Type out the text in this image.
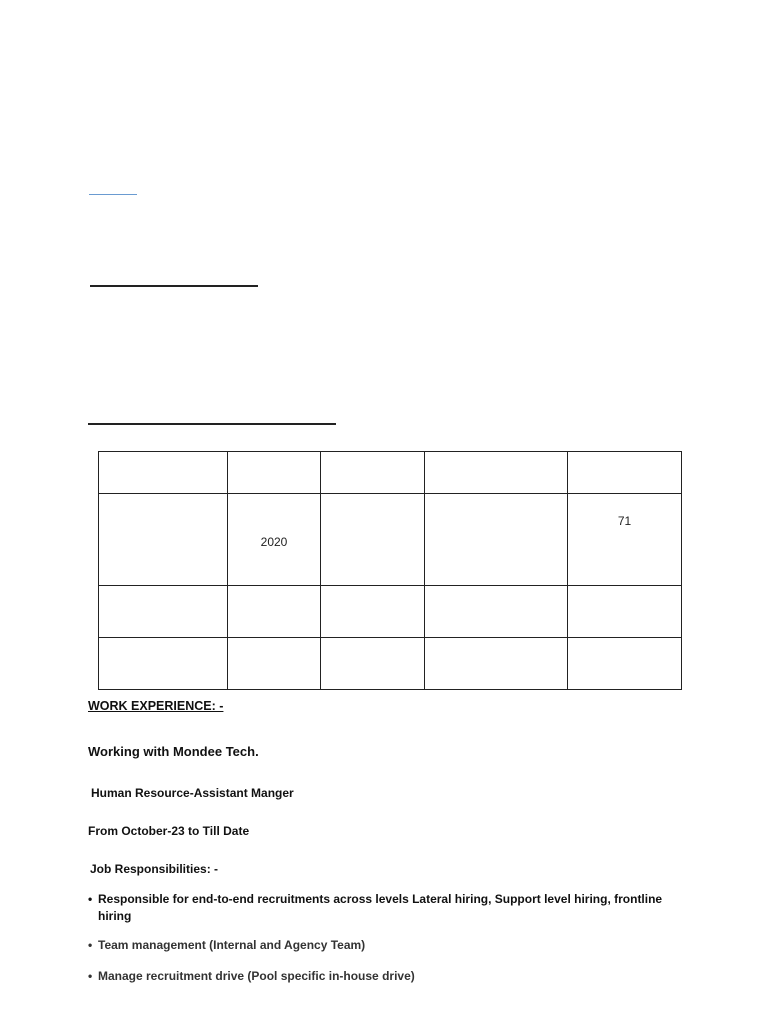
	2020			71

WORK EXPERIENCE: -
Working with Mondee Tech.
Human Resource-Assistant Manger
From October-23 to Till Date
Job Responsibilities: -
• Responsible for end-to-end recruitments across levels Lateral hiring, Support level hiring, frontline hiring
• Team management (Internal and Agency Team)
• Manage recruitment drive (Pool specific in-house drive)
